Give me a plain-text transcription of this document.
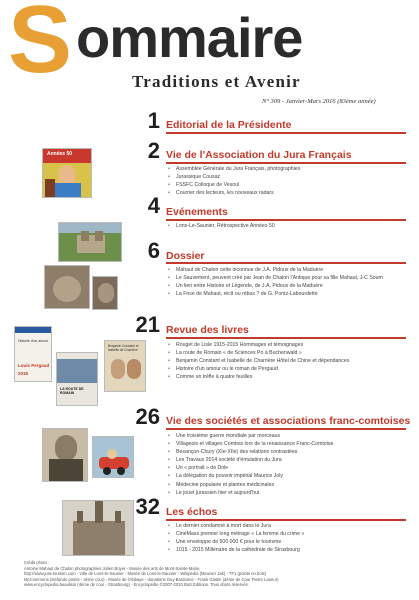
S ommaire
Traditions et Avenir
N° 309 - Janvier-Mars 2016 (83ème année)
1 Editorial de la Présidente
2 Vie de l'Association du Jura Français
• Assemblée Générale du Jura Français, photographies
• Jurassique Cousaz
• FSSFC Colloque de Vesoul
• Courrier des lecteurs, les nouveaux radars
Années 50
4 Evénements
• Lons-Le-Saunier, Rétrospective Années 50
6 Dossier
• Mahaut de Chalon cette inconnue de J.A. Pidoux de la Maduère
• Le Sauvement, peuvent créé par Jean de Chalon l'Antique pour sa fille Mahaut, J-C Soum
• Un lien entre Histoire et Légende, de J.A. Pidoux de la Maduère
• La Frise de Mahaut, récit ou rébus ? de G. Pontz-Labourdette
21 Revue des livres
• Rouget de Lisle 1915-2015 Hommages et témoignages
• La route de Romain « de Sciences Po à Buchenwald »
• Benjamin Constant et Isabelle de Charrière Hôtel de Chine et dépendances
• Histoire d'un amour ou le roman de Pergaud
• Comme un trèfle à quatre feuilles
Histoire d'un amour
Louis Pergaud
2015
LA ROUTE DE ROMAIN
Benjamin Constant et Isabelle de Charrière
26 Vie des sociétés et associations franc-comtoises
• Une troisième guerre mondiale par morceaux
• Villageois et villages Comtois lors de la renaissance Franc-Comtoise
• Besançon-Chury (XIe-XIIe) des relations contrastées
• Les Travaux 2014 société d'émulation du Jura
• Un « portrait » de Dole
• La délégation du pouvoir impérial Maurice Joly
• Médecine populaire et plantes médicinales
• Le jouet jurassien hier et aujourd'hui
32 Les échos
• Le dernier condamné à mort dans le Jura
• CinéMass premier long métrage « La femme du crime »
• Une enveloppe de 500 000 € pour le tourisme
• 1015 - 2015 Millénaire de la cathédrale de Strasbourg
Crédit photo :
Antoine Mahaut de Chalon photographies Julien Boyer - Musée des arts de Mont-Sainte-Marie,
http://www.jura-tourism.com - Ville de Lons-le-Saunier - Musée de Lons-le-Saunier - Wikipedia (Meunier Jak) - TF1 (points en bois)
McCommons (stefando points - 3ème cour) - Musée de l'Abbaye - donations Guy Bardonne - Frank Gastin (3ème de Cour Pierre Laneur)
www.encyclopedia.beaulisin (4ème de cour - Strasbourg) - Encyclopédie ©2007-2010 BaS Editions. Tous droits réservés.
